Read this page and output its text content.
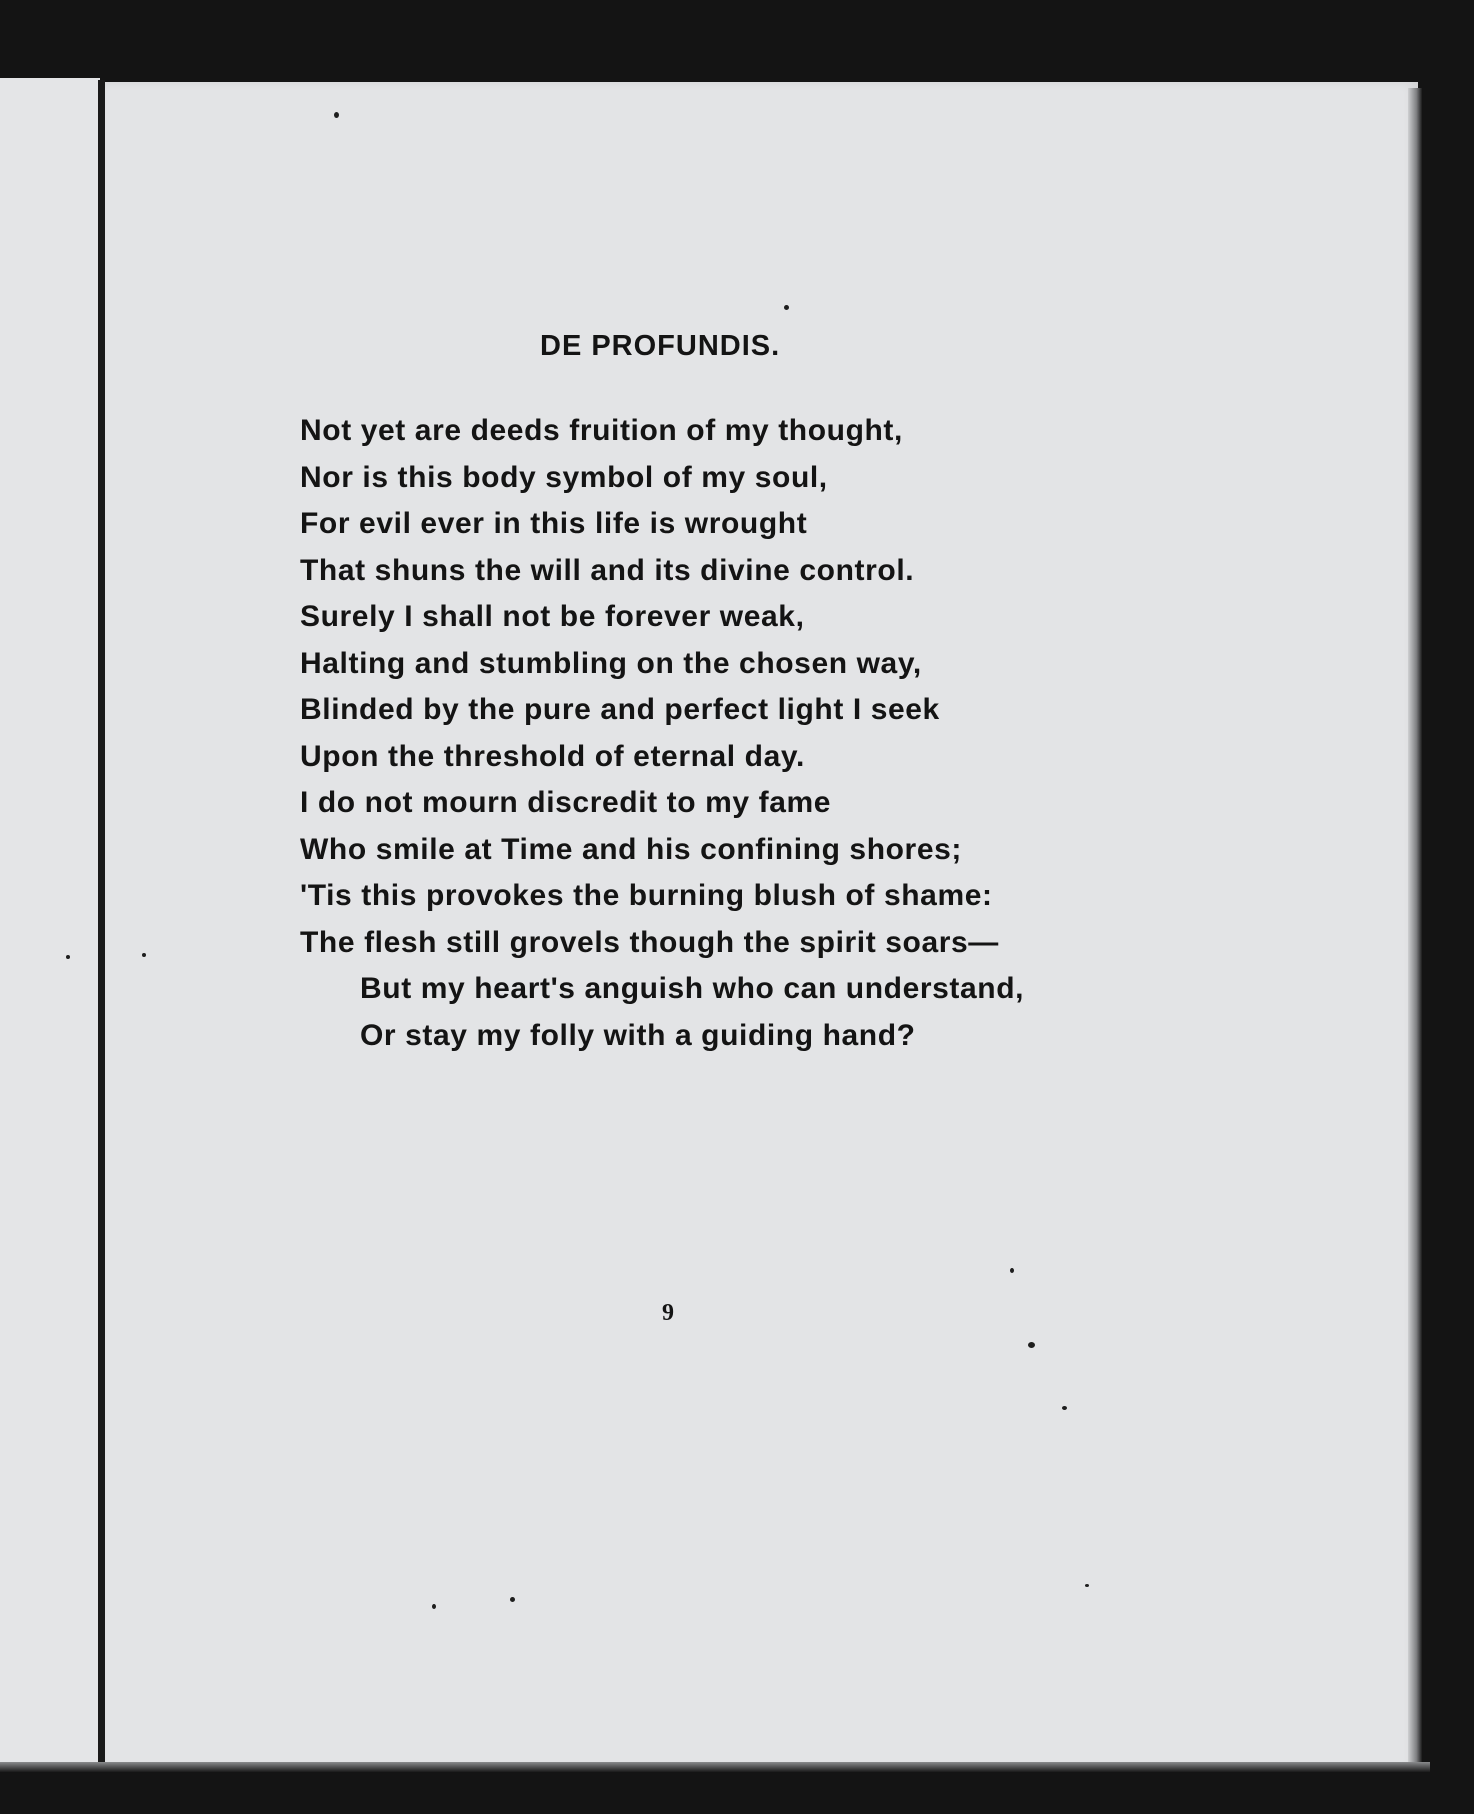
DE PROFUNDIS.
Not yet are deeds fruition of my thought,
Nor is this body symbol of my soul,
For evil ever in this life is wrought
That shuns the will and its divine control.
Surely I shall not be forever weak,
Halting and stumbling on the chosen way,
Blinded by the pure and perfect light I seek
Upon the threshold of eternal day.
I do not mourn discredit to my fame
Who smile at Time and his confining shores;
'Tis this provokes the burning blush of shame:
The flesh still grovels though the spirit soars—
But my heart's anguish who can understand,
Or stay my folly with a guiding hand?
9
